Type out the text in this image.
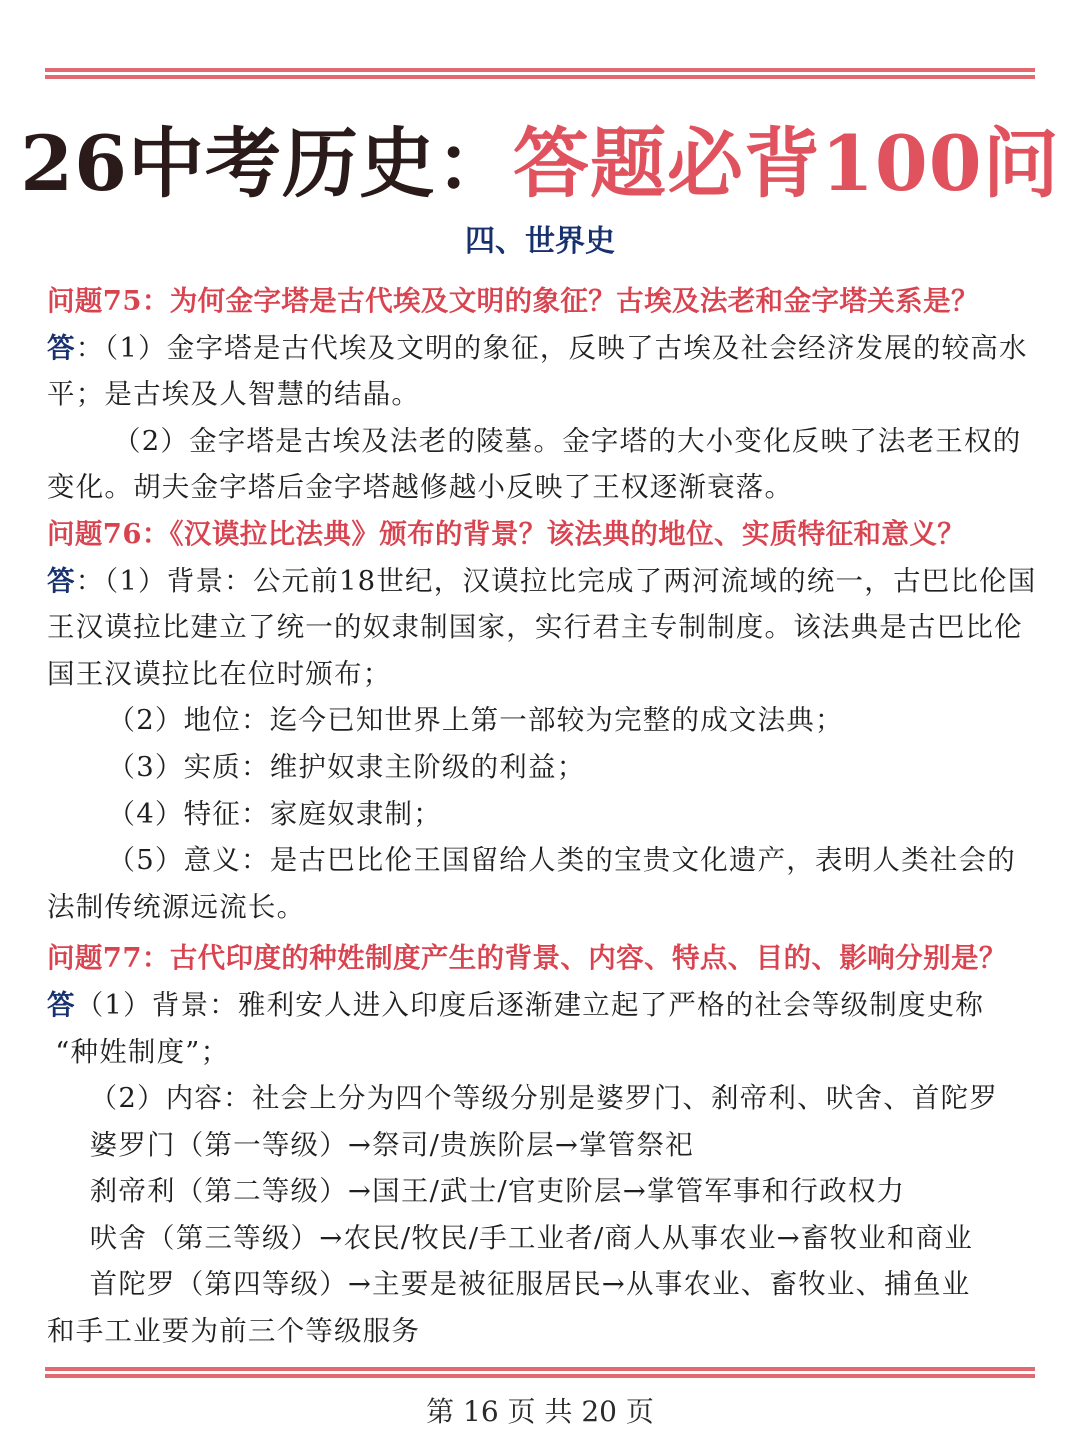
26中考历史：答题必背100问
四、世界史
问题75：为何金字塔是古代埃及文明的象征？古埃及法老和金字塔关系是？

答：（1）金字塔是古代埃及文明的象征，反映了古埃及社会经济发展的较高水平；是古埃及人智慧的结晶。

（2）金字塔是古埃及法老的陵墓。金字塔的大小变化反映了法老王权的变化。胡夫金字塔后金字塔越修越小反映了王权逐渐衰落。

问题76：《汉谟拉比法典》颁布的背景？该法典的地位、实质特征和意义？

答：（1）背景：公元前18世纪，汉谟拉比完成了两河流域的统一，古巴比伦国王汉谟拉比建立了统一的奴隶制国家，实行君主专制制度。该法典是古巴比伦国王汉谟拉比在位时颁布；

（2）地位：迄今已知世界上第一部较为完整的成文法典；

（3）实质：维护奴隶主阶级的利益；

（4）特征：家庭奴隶制；

（5）意义：是古巴比伦王国留给人类的宝贵文化遗产，表明人类社会的

法制传统源远流长。

问题77：古代印度的种姓制度产生的背景、内容、特点、目的、影响分别是？

答（1）背景：雅利安人进入印度后逐渐建立起了严格的社会等级制度史称

“种姓制度”；

（2）内容：社会上分为四个等级分别是婆罗门、刹帝利、吠舍、首陀罗

婆罗门（第一等级）→祭司/贵族阶层→掌管祭祀

刹帝利（第二等级）→国王/武士/官吏阶层→掌管军事和行政权力

吠舍（第三等级）→农民/牧民/手工业者/商人从事农业→畜牧业和商业

首陀罗（第四等级）→主要是被征服居民→从事农业、畜牧业、捕鱼业

和手工业要为前三个等级服务

第 16 页 共 20 页
